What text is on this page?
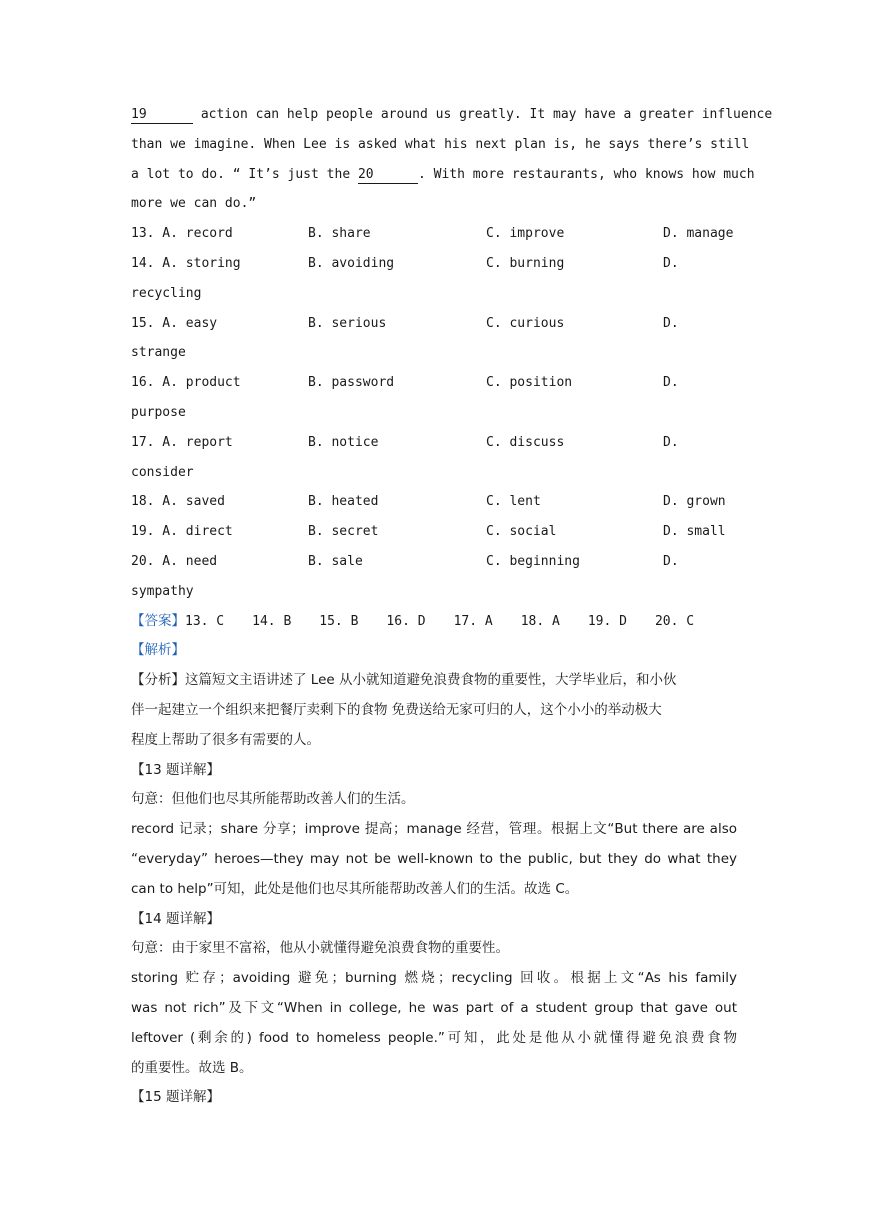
19	action can help people around us greatly. It may have a greater influence
than we imagine. When Lee is asked what his next plan is, he says there’s still
a lot to do. “ It’s just the 20	. With more restaurants, who knows how much
more we can do.”
13. A. record	B. share	C. improve	D. manage
14. A. storing	B. avoiding	C. burning	D.
recycling
15. A. easy	B. serious	C. curious	D.
strange
16. A. product	B. password	C. position	D.
purpose
17. A. report	B. notice	C. discuss	D.
consider
18. A. saved	B. heated	C. lent	D. grown
19. A. direct	B. secret	C. social	D. small
20. A. need	B. sale	C. beginning	D.
sympathy
【答案】13. C 14. B 15. B 16. D 17. A 18. A 19. D 20. C
【解析】
【分析】这篇短文主语讲述了 Lee 从小就知道避免浪费食物的重要性，大学毕业后，和小伙
伴一起建立一个组织来把餐厅卖剩下的食物 免费送给无家可归的人，这个小小的举动极大
程度上帮助了很多有需要的人。
【13 题详解】
句意：但他们也尽其所能帮助改善人们的生活。
record 记录；share 分享；improve 提高；manage 经营，管理。根据上文“But there are also
“everyday” heroes—they may not be well-known to the public, but they do what they
can to help”可知，此处是他们也尽其所能帮助改善人们的生活。故选 C。
【14 题详解】
句意：由于家里不富裕，他从小就懂得避免浪费食物的重要性。
storing 贮存；avoiding 避免；burning 燃烧；recycling 回收。根据上文“As his family
was not rich”及下文“When in college, he was part of a student group that gave out
leftover (剩余的) food to homeless people.”可知，此处是他从小就懂得避免浪费食物
的重要性。故选 B。
【15 题详解】
